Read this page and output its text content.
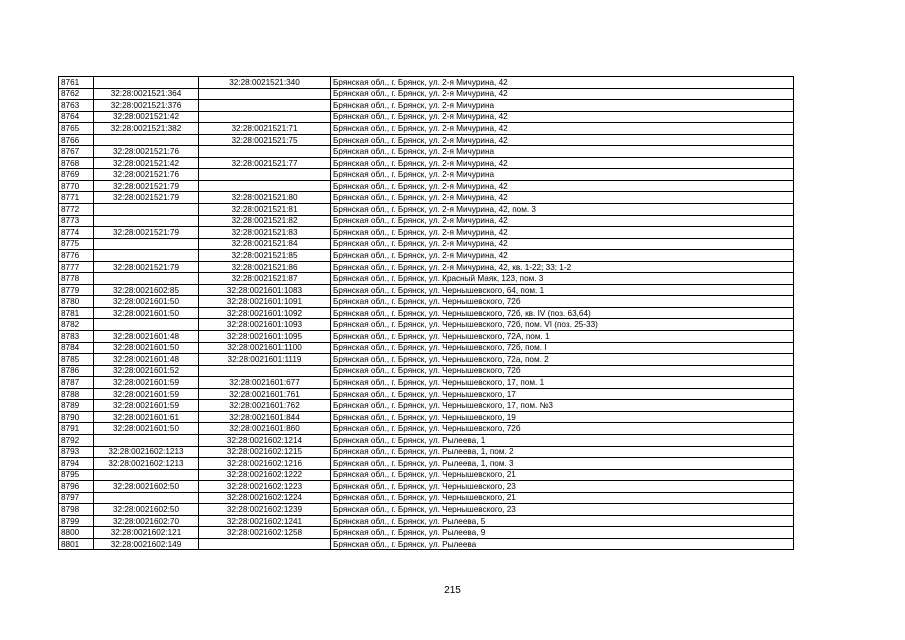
8761		32:28:0021521:340	Брянская обл., г. Брянск, ул. 2-я Мичурина, 42
8762	32:28:0021521:364		Брянская обл., г. Брянск, ул. 2-я Мичурина, 42
8763	32:28:0021521:376		Брянская обл., г. Брянск, ул. 2-я Мичурина
8764	32:28:0021521:42		Брянская обл., г. Брянск, ул. 2-я Мичурина, 42
8765	32:28:0021521:382	32:28:0021521:71	Брянская обл., г. Брянск, ул. 2-я Мичурина, 42
8766		32:28:0021521:75	Брянская обл., г. Брянск, ул. 2-я Мичурина, 42
8767	32:28:0021521:76		Брянская обл., г. Брянск, ул. 2-я Мичурина
8768	32:28:0021521:42	32:28:0021521:77	Брянская обл., г. Брянск, ул. 2-я Мичурина, 42
8769	32:28:0021521:76		Брянская обл., г. Брянск, ул. 2-я Мичурина
8770	32:28:0021521:79		Брянская обл., г. Брянск, ул. 2-я Мичурина, 42
8771	32:28:0021521:79	32:28:0021521:80	Брянская обл., г. Брянск, ул. 2-я Мичурина, 42
8772		32:28:0021521:81	Брянская обл., г. Брянск, ул. 2-я Мичурина, 42, пом. 3
8773		32:28:0021521:82	Брянская обл., г. Брянск, ул. 2-я Мичурина, 42
8774	32:28:0021521:79	32:28:0021521:83	Брянская обл., г. Брянск, ул. 2-я Мичурина, 42
8775		32:28:0021521:84	Брянская обл., г. Брянск, ул. 2-я Мичурина, 42
8776		32:28:0021521:85	Брянская обл., г. Брянск, ул. 2-я Мичурина, 42
8777	32:28:0021521:79	32:28:0021521:86	Брянская обл., г. Брянск, ул. 2-я Мичурина, 42, кв. 1-22; 33; 1-2
8778		32:28:0021521:87	Брянская обл., г. Брянск, ул. Красный Маяк, 123, пом. 3
8779	32:28:0021602:85	32:28:0021601:1083	Брянская обл., г. Брянск, ул. Чернышевского, 64, пом. 1
8780	32:28:0021601:50	32:28:0021601:1091	Брянская обл., г. Брянск, ул. Чернышевского, 72б
8781	32:28:0021601:50	32:28:0021601:1092	Брянская обл., г. Брянск, ул. Чернышевского, 72б, кв. IV (поз. 63,64)
8782		32:28:0021601:1093	Брянская обл., г. Брянск, ул. Чернышевского, 72б, пом. VI (поз. 25-33)
8783	32:28:0021601:48	32:28:0021601:1095	Брянская обл., г. Брянск, ул. Чернышевского, 72А, пом. 1
8784	32:28:0021601:50	32:28:0021601:1100	Брянская обл., г. Брянск, ул. Чернышевского, 72б, пом. I
8785	32:28:0021601:48	32:28:0021601:1119	Брянская обл., г. Брянск, ул. Чернышевского, 72а, пом. 2
8786	32:28:0021601:52		Брянская обл., г. Брянск, ул. Чернышевского, 72б
8787	32:28:0021601:59	32:28:0021601:677	Брянская обл., г. Брянск, ул. Чернышевского, 17, пом. 1
8788	32:28:0021601:59	32:28:0021601:761	Брянская обл., г. Брянск, ул. Чернышевского, 17
8789	32:28:0021601:59	32:28:0021601:762	Брянская обл., г. Брянск, ул. Чернышевского, 17, пом. №3
8790	32:28:0021601:61	32:28:0021601:844	Брянская обл., г. Брянск, ул. Чернышевского, 19
8791	32:28:0021601:50	32:28:0021601:860	Брянская обл., г. Брянск, ул. Чернышевского, 72б
8792		32:28:0021602:1214	Брянская обл., г. Брянск, ул. Рылеева, 1
8793	32:28:0021602:1213	32:28:0021602:1215	Брянская обл., г. Брянск, ул. Рылеева, 1, пом. 2
8794	32:28:0021602:1213	32:28:0021602:1216	Брянская обл., г. Брянск, ул. Рылеева, 1, пом. 3
8795		32:28:0021602:1222	Брянская обл., г. Брянск, ул. Чернышевского, 21
8796	32:28:0021602:50	32:28:0021602:1223	Брянская обл., г. Брянск, ул. Чернышевского, 23
8797		32:28:0021602:1224	Брянская обл., г. Брянск, ул. Чернышевского, 21
8798	32:28:0021602:50	32:28:0021602:1239	Брянская обл., г. Брянск, ул. Чернышевского, 23
8799	32:28:0021602:70	32:28:0021602:1241	Брянская обл., г. Брянск, ул. Рылеева, 5
8800	32:28:0021602:121	32:28:0021602:1258	Брянская обл., г. Брянск, ул. Рылеева, 9
8801	32:28:0021602:149		Брянская обл., г. Брянск, ул. Рылеева
215
